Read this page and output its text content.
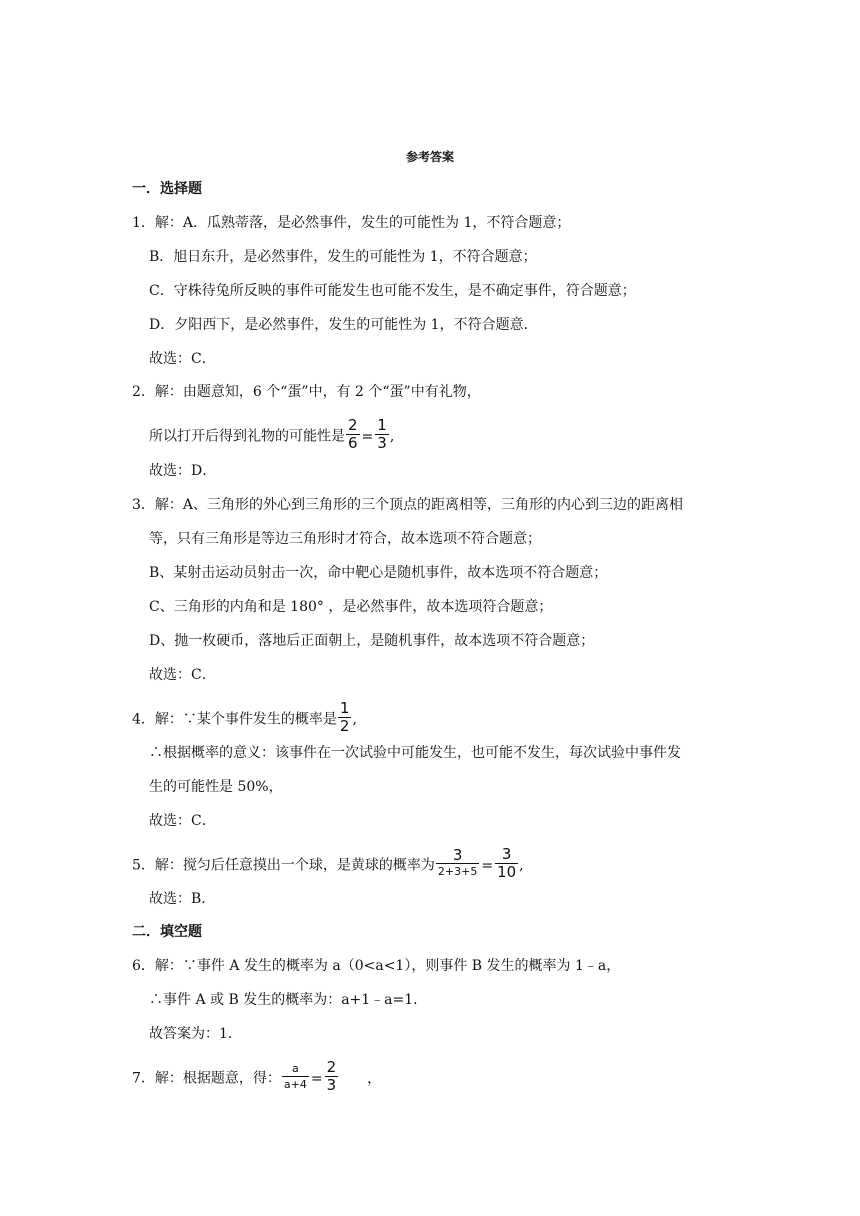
参考答案
一．选择题
1．解：A．瓜熟蒂落，是必然事件，发生的可能性为 1，不符合题意；
B．旭日东升，是必然事件，发生的可能性为 1，不符合题意；
C．守株待兔所反映的事件可能发生也可能不发生，是不确定事件，符合题意；
D．夕阳西下，是必然事件，发生的可能性为 1，不符合题意．
故选：C．
2．解：由题意知，6 个“蛋”中，有 2 个“蛋”中有礼物，
所以打开后得到礼物的可能性是 $\frac{2}{6} = \frac{1}{3}$ ,
故选：D．
3．解：A、三角形的外心到三角形的三个顶点的距离相等，三角形的内心到三边的距离相
等，只有三角形是等边三角形时才符合，故本选项不符合题意；
B、某射击运动员射击一次，命中靶心是随机事件，故本选项不符合题意；
C、三角形的内角和是 180° ，是必然事件，故本选项符合题意；
D、抛一枚硬币，落地后正面朝上，是随机事件，故本选项不符合题意；
故选：C．
4．解：∵某个事件发生的概率是 $\frac{1}{2}$ ,
∴根据概率的意义：该事件在一次试验中可能发生，也可能不发生，每次试验中事件发
生的可能性是 50%，
故选：C．
5．解：搅匀后任意摸出一个球，是黄球的概率为 $\frac{3}{2+3+5} = \frac{3}{10}$ ,
故选：B．
二．填空题
6．解：∵事件 A 发生的概率为 a（0<a<1），则事件 B 发生的概率为 1﹣a，
∴事件 A 或 B 发生的概率为：a+1﹣a=1．
故答案为：1．
7．解：根据题意，得： $\frac{a}{a+4} = \frac{2}{3}$ ，
